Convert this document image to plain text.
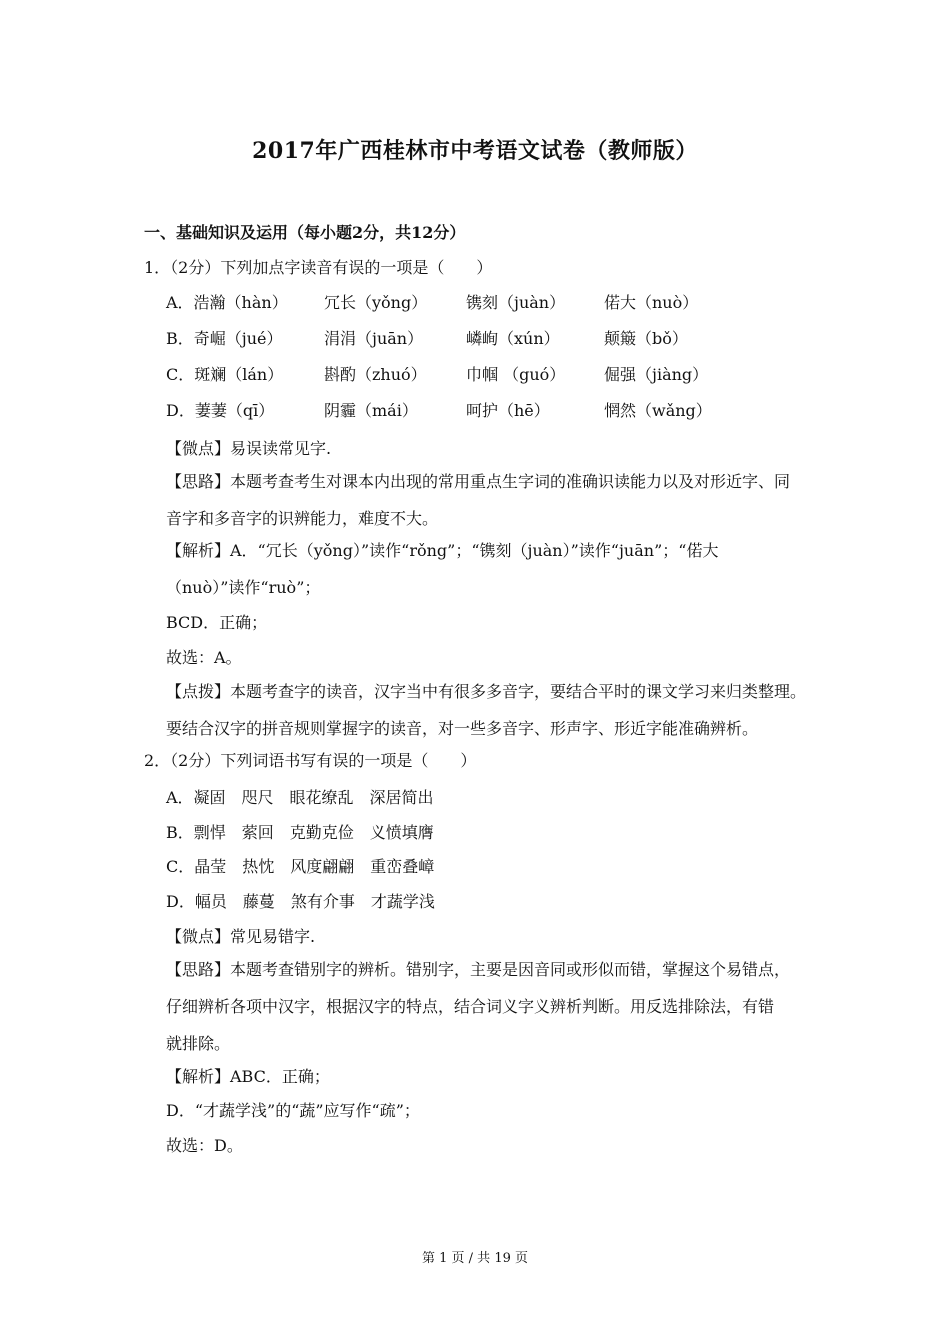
2017年广西桂林市中考语文试卷（教师版）
一、基础知识及运用（每小题2分，共12分）
1．（2分）下列加点字读音有误的一项是（　　）
A．浩瀚（hàn） 冗长（yǒng） 镌刻（juàn） 偌大（nuò）
B．奇崛（jué）	涓涓（juān）	嶙峋（xún）	颠簸（bǒ）
C．斑斓（lán）	斟酌（zhuó） 巾帼 （guó） 倔强（jiàng）
D．萋萋（qī）	阴霾（mái）	呵护（hē）	惘然（wǎng）
【微点】易误读常见字.
【思路】本题考查考生对课本内出现的常用重点生字词的准确识读能力以及对形近字、同
音字和多音字的识辨能力，难度不大。
【解析】A．“冗长（yǒng）”读作“rǒng”；“镌刻（juàn）”读作“juān”；“偌大
（nuò）”读作“ruò”；
BCD．正确；
故选：A。
【点拨】本题考查字的读音，汉字当中有很多多音字，要结合平时的课文学习来归类整理。
要结合汉字的拼音规则掌握字的读音，对一些多音字、形声字、形近字能准确辨析。
2．（2分）下列词语书写有误的一项是（　　）
A．凝固　咫尺　眼花缭乱　深居简出
B．剽悍　萦回　克勤克俭　义愤填膺
C．晶莹　热忱　风度翩翩　重峦叠嶂
D．幅员　藤蔓　煞有介事　才蔬学浅
【微点】常见易错字.
【思路】本题考查错别字的辨析。错别字，主要是因音同或形似而错，掌握这个易错点，
仔细辨析各项中汉字，根据汉字的特点，结合词义字义辨析判断。用反选排除法，有错
就排除。
【解析】ABC．正确；
D．“才蔬学浅”的“蔬”应写作“疏”；
故选：D。
第 1 页 / 共 19 页
